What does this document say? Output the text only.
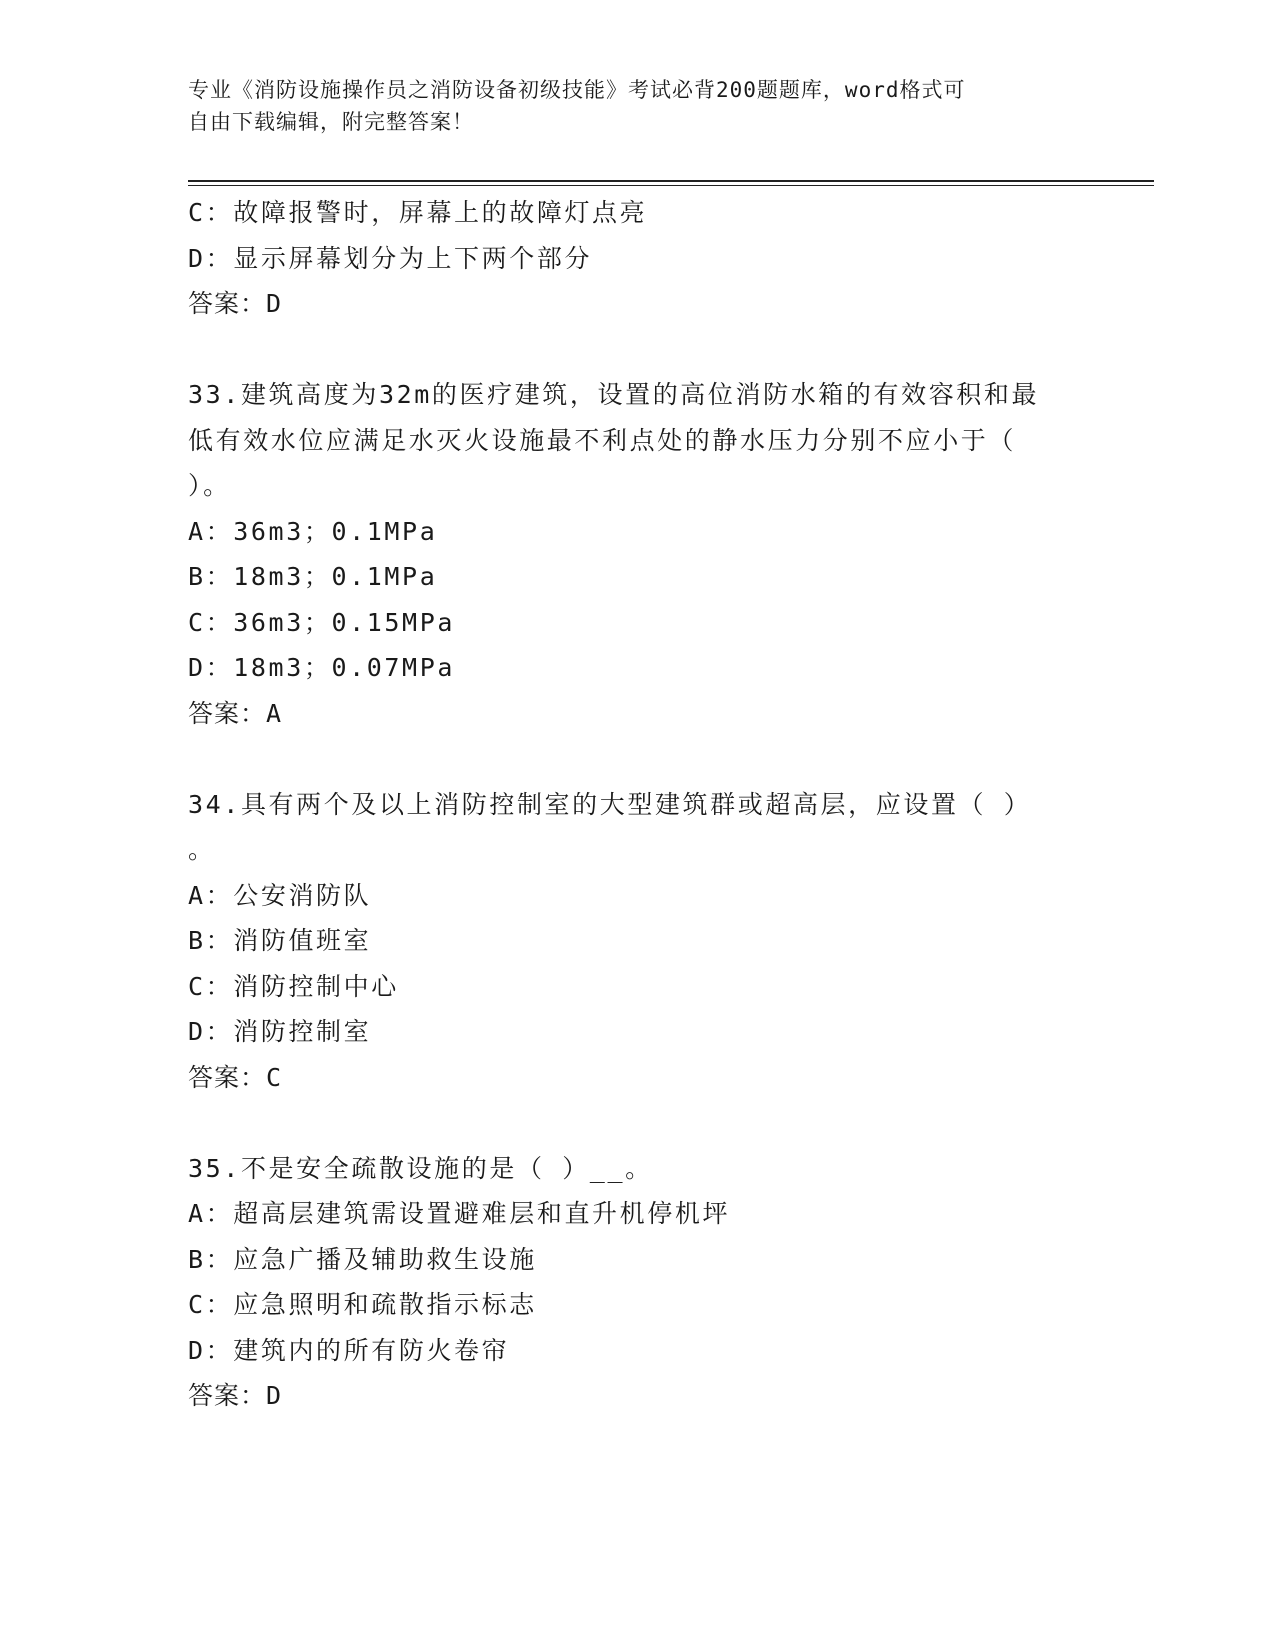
专业《消防设施操作员之消防设备初级技能》考试必背200题题库，word格式可
自由下载编辑，附完整答案！
C：故障报警时，屏幕上的故障灯点亮
D：显示屏幕划分为上下两个部分
答案：D
33.建筑高度为32m的医疗建筑，设置的高位消防水箱的有效容积和最
低有效水位应满足水灭火设施最不利点处的静水压力分别不应小于（
）。
A：36m3；0.1MPa
B：18m3；0.1MPa
C：36m3；0.15MPa
D：18m3；0.07MPa
答案：A
34.具有两个及以上消防控制室的大型建筑群或超高层，应设置（ ）
。
A：公安消防队
B：消防值班室
C：消防控制中心
D：消防控制室
答案：C
35.不是安全疏散设施的是（ ）__。
A：超高层建筑需设置避难层和直升机停机坪
B：应急广播及辅助救生设施
C：应急照明和疏散指示标志
D：建筑内的所有防火卷帘
答案：D
